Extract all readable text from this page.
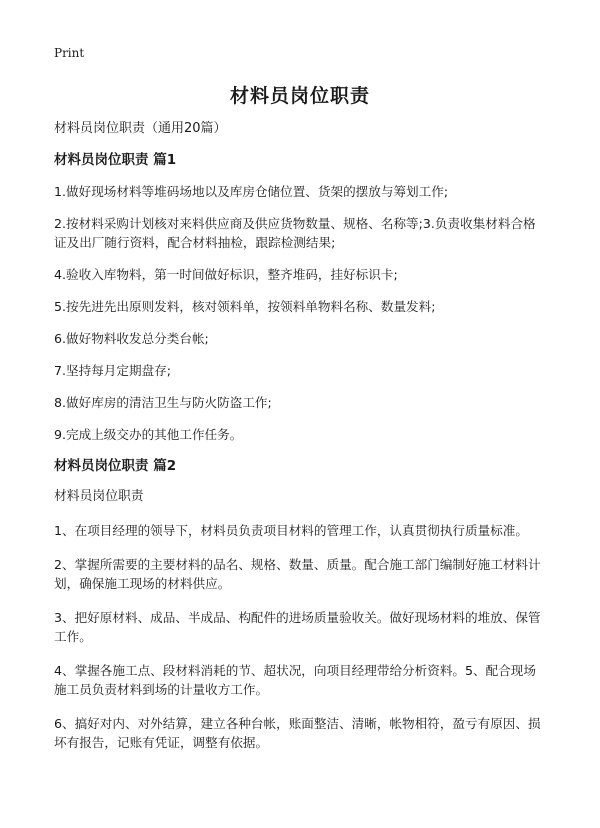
Print
材料员岗位职责

材料员岗位职责（通用20篇）

材料员岗位职责 篇1

1.做好现场材料等堆码场地以及库房仓储位置、货架的摆放与筹划工作;

2.按材料采购计划核对来料供应商及供应货物数量、规格、名称等;3.负责收集材料合格证及出厂随行资料，配合材料抽检，跟踪检测结果;

4.验收入库物料，第一时间做好标识，整齐堆码，挂好标识卡;

5.按先进先出原则发料，核对领料单，按领料单物料名称、数量发料;

6.做好物料收发总分类台帐;

7.坚持每月定期盘存;

8.做好库房的清洁卫生与防火防盗工作;

9.完成上级交办的其他工作任务。

材料员岗位职责 篇2

材料员岗位职责

1、在项目经理的领导下，材料员负责项目材料的管理工作，认真贯彻执行质量标准。

2、掌握所需要的主要材料的品名、规格、数量、质量。配合施工部门编制好施工材料计划，确保施工现场的材料供应。

3、把好原材料、成品、半成品、构配件的进场质量验收关。做好现场材料的堆放、保管工作。

4、掌握各施工点、段材料消耗的节、超状况，向项目经理带给分析资料。5、配合现场施工员负责材料到场的计量收方工作。

6、搞好对内、对外结算，建立各种台帐，账面整洁、清晰，帐物相符，盈亏有原因、损坏有报告，记账有凭证，调整有依据。
